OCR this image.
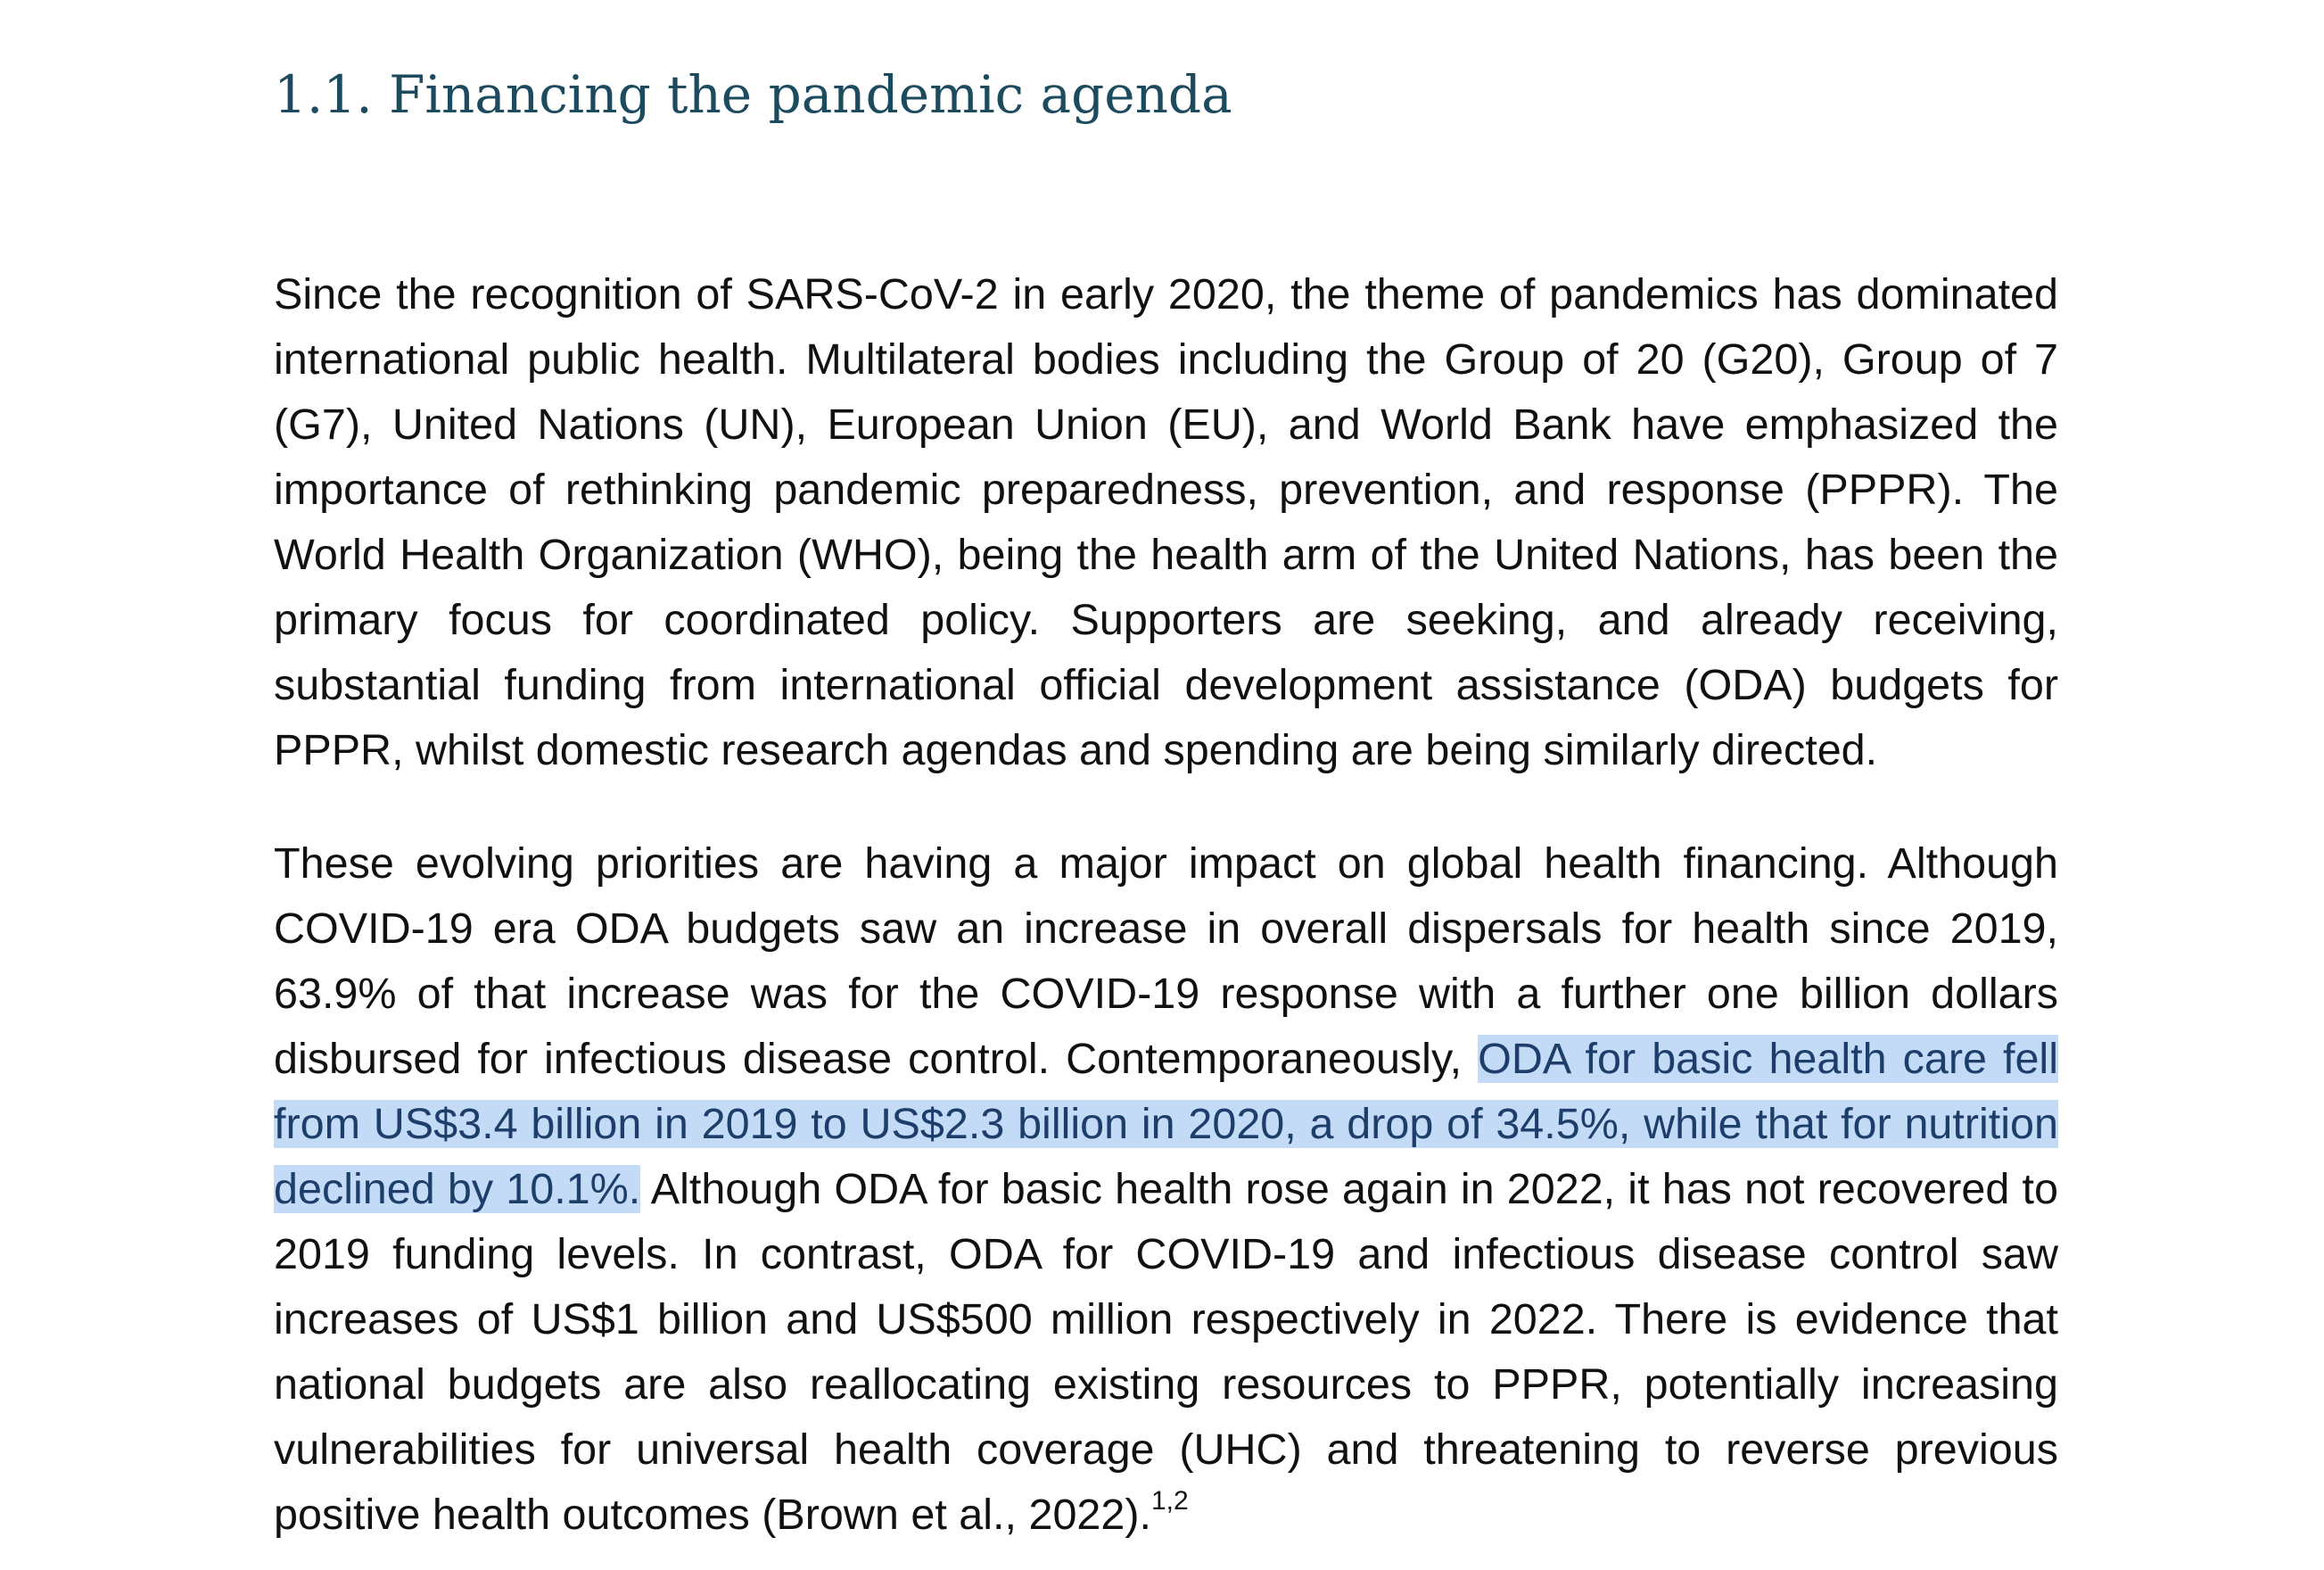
1.1. Financing the pandemic agenda

Since the recognition of SARS-CoV-2 in early 2020, the theme of pandemics has dominated international public health. Multilateral bodies including the Group of 20 (G20), Group of 7 (G7), United Nations (UN), European Union (EU), and World Bank have emphasized the importance of rethinking pandemic preparedness, prevention, and response (PPPR). The World Health Organization (WHO), being the health arm of the United Nations, has been the primary focus for coordinated policy. Supporters are seeking, and already receiving, substantial funding from international official development assistance (ODA) budgets for PPPR, whilst domestic research agendas and spending are being similarly directed.

These evolving priorities are having a major impact on global health financing. Although COVID-19 era ODA budgets saw an increase in overall dispersals for health since 2019, 63.9% of that increase was for the COVID-19 response with a further one billion dollars disbursed for infectious disease control. Contemporaneously, ODA for basic health care fell from US$3.4 billion in 2019 to US$2.3 billion in 2020, a drop of 34.5%, while that for nutrition declined by 10.1%. Although ODA for basic health rose again in 2022, it has not recovered to 2019 funding levels. In contrast, ODA for COVID-19 and infectious disease control saw increases of US$1 billion and US$500 million respectively in 2022. There is evidence that national budgets are also reallocating existing resources to PPPR, potentially increasing vulnerabilities for universal health coverage (UHC) and threatening to reverse previous positive health outcomes (Brown et al., 2022).$^{1,2}$
